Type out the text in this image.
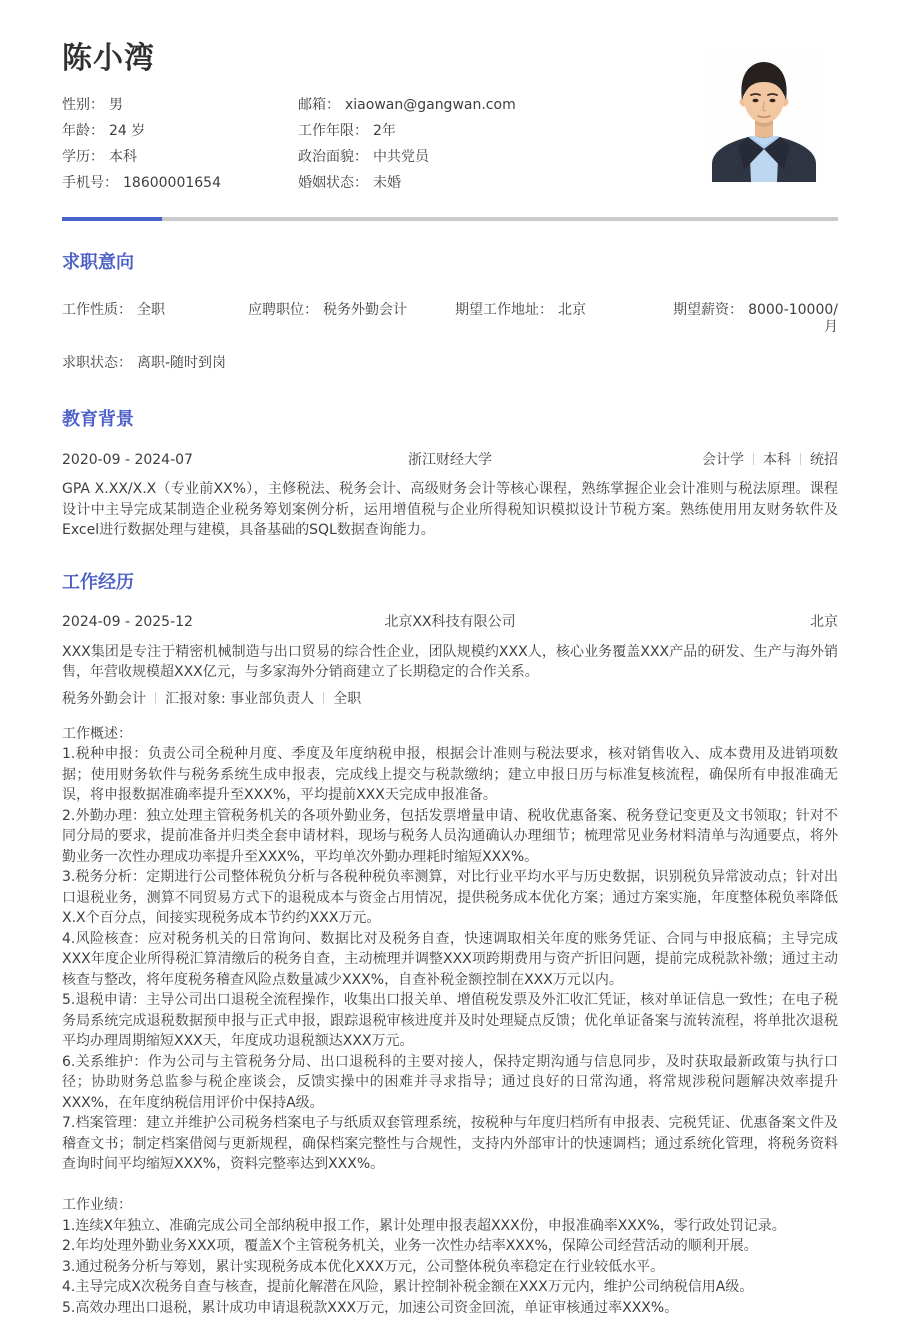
陈小湾
性别： 男	邮箱： xiaowan@gangwan.com
年龄： 24 岁	工作年限： 2年
学历： 本科	政治面貌： 中共党员
手机号： 18600001654	婚姻状态： 未婚
求职意向
工作性质： 全职	应聘职位： 税务外勤会计	期望工作地址： 北京	期望薪资： 8000-10000/月
求职状态： 离职-随时到岗
教育背景
2020-09 - 2024-07	浙江财经大学	会计学 本科 统招

GPA X.XX/X.X（专业前XX%），主修税法、税务会计、高级财务会计等核心课程，熟练掌握企业会计准则与税法原理。课程设计中主导完成某制造企业税务筹划案例分析，运用增值税与企业所得税知识模拟设计节税方案。熟练使用用友财务软件及Excel进行数据处理与建模，具备基础的SQL数据查询能力。

工作经历
2024-09 - 2025-12	北京XX科技有限公司	北京

XXX集团是专注于精密机械制造与出口贸易的综合性企业，团队规模约XXX人，核心业务覆盖XXX产品的研发、生产与海外销售，年营收规模超XXX亿元，与多家海外分销商建立了长期稳定的合作关系。

税务外勤会计 汇报对象: 事业部负责人 全职

工作概述：

1.税种申报：负责公司全税种月度、季度及年度纳税申报，根据会计准则与税法要求，核对销售收入、成本费用及进销项数据；使用财务软件与税务系统生成申报表，完成线上提交与税款缴纳；建立申报日历与标准复核流程，确保所有申报准确无误，将申报数据准确率提升至XXX%，平均提前XXX天完成申报准备。

2.外勤办理：独立处理主管税务机关的各项外勤业务，包括发票增量申请、税收优惠备案、税务登记变更及文书领取；针对不同分局的要求，提前准备并归类全套申请材料，现场与税务人员沟通确认办理细节；梳理常见业务材料清单与沟通要点，将外勤业务一次性办理成功率提升至XXX%，平均单次外勤办理耗时缩短XXX%。

3.税务分析：定期进行公司整体税负分析与各税种税负率测算，对比行业平均水平与历史数据，识别税负异常波动点；针对出口退税业务，测算不同贸易方式下的退税成本与资金占用情况，提供税务成本优化方案；通过方案实施，年度整体税负率降低X.X个百分点，间接实现税务成本节约约XXX万元。

4.风险核查：应对税务机关的日常询问、数据比对及税务自查，快速调取相关年度的账务凭证、合同与申报底稿；主导完成XXX年度企业所得税汇算清缴后的税务自查，主动梳理并调整XXX项跨期费用与资产折旧问题，提前完成税款补缴；通过主动核查与整改，将年度税务稽查风险点数量减少XXX%，自查补税金额控制在XXX万元以内。

5.退税申请：主导公司出口退税全流程操作，收集出口报关单、增值税发票及外汇收汇凭证，核对单证信息一致性；在电子税务局系统完成退税数据预申报与正式申报，跟踪退税审核进度并及时处理疑点反馈；优化单证备案与流转流程，将单批次退税平均办理周期缩短XXX天，年度成功退税额达XXX万元。

6.关系维护：作为公司与主管税务分局、出口退税科的主要对接人，保持定期沟通与信息同步，及时获取最新政策与执行口径；协助财务总监参与税企座谈会，反馈实操中的困难并寻求指导；通过良好的日常沟通，将常规涉税问题解决效率提升XXX%，在年度纳税信用评价中保持A级。

7.档案管理：建立并维护公司税务档案电子与纸质双套管理系统，按税种与年度归档所有申报表、完税凭证、优惠备案文件及稽查文书；制定档案借阅与更新规程，确保档案完整性与合规性，支持内外部审计的快速调档；通过系统化管理，将税务资料查询时间平均缩短XXX%，资料完整率达到XXX%。

工作业绩：

1.连续X年独立、准确完成公司全部纳税申报工作，累计处理申报表超XXX份，申报准确率XXX%，零行政处罚记录。

2.年均处理外勤业务XXX项，覆盖X个主管税务机关，业务一次性办结率XXX%，保障公司经营活动的顺利开展。

3.通过税务分析与筹划，累计实现税务成本优化XXX万元，公司整体税负率稳定在行业较低水平。

4.主导完成X次税务自查与核查，提前化解潜在风险，累计控制补税金额在XXX万元内，维护公司纳税信用A级。

5.高效办理出口退税，累计成功申请退税款XXX万元，加速公司资金回流，单证审核通过率XXX%。
